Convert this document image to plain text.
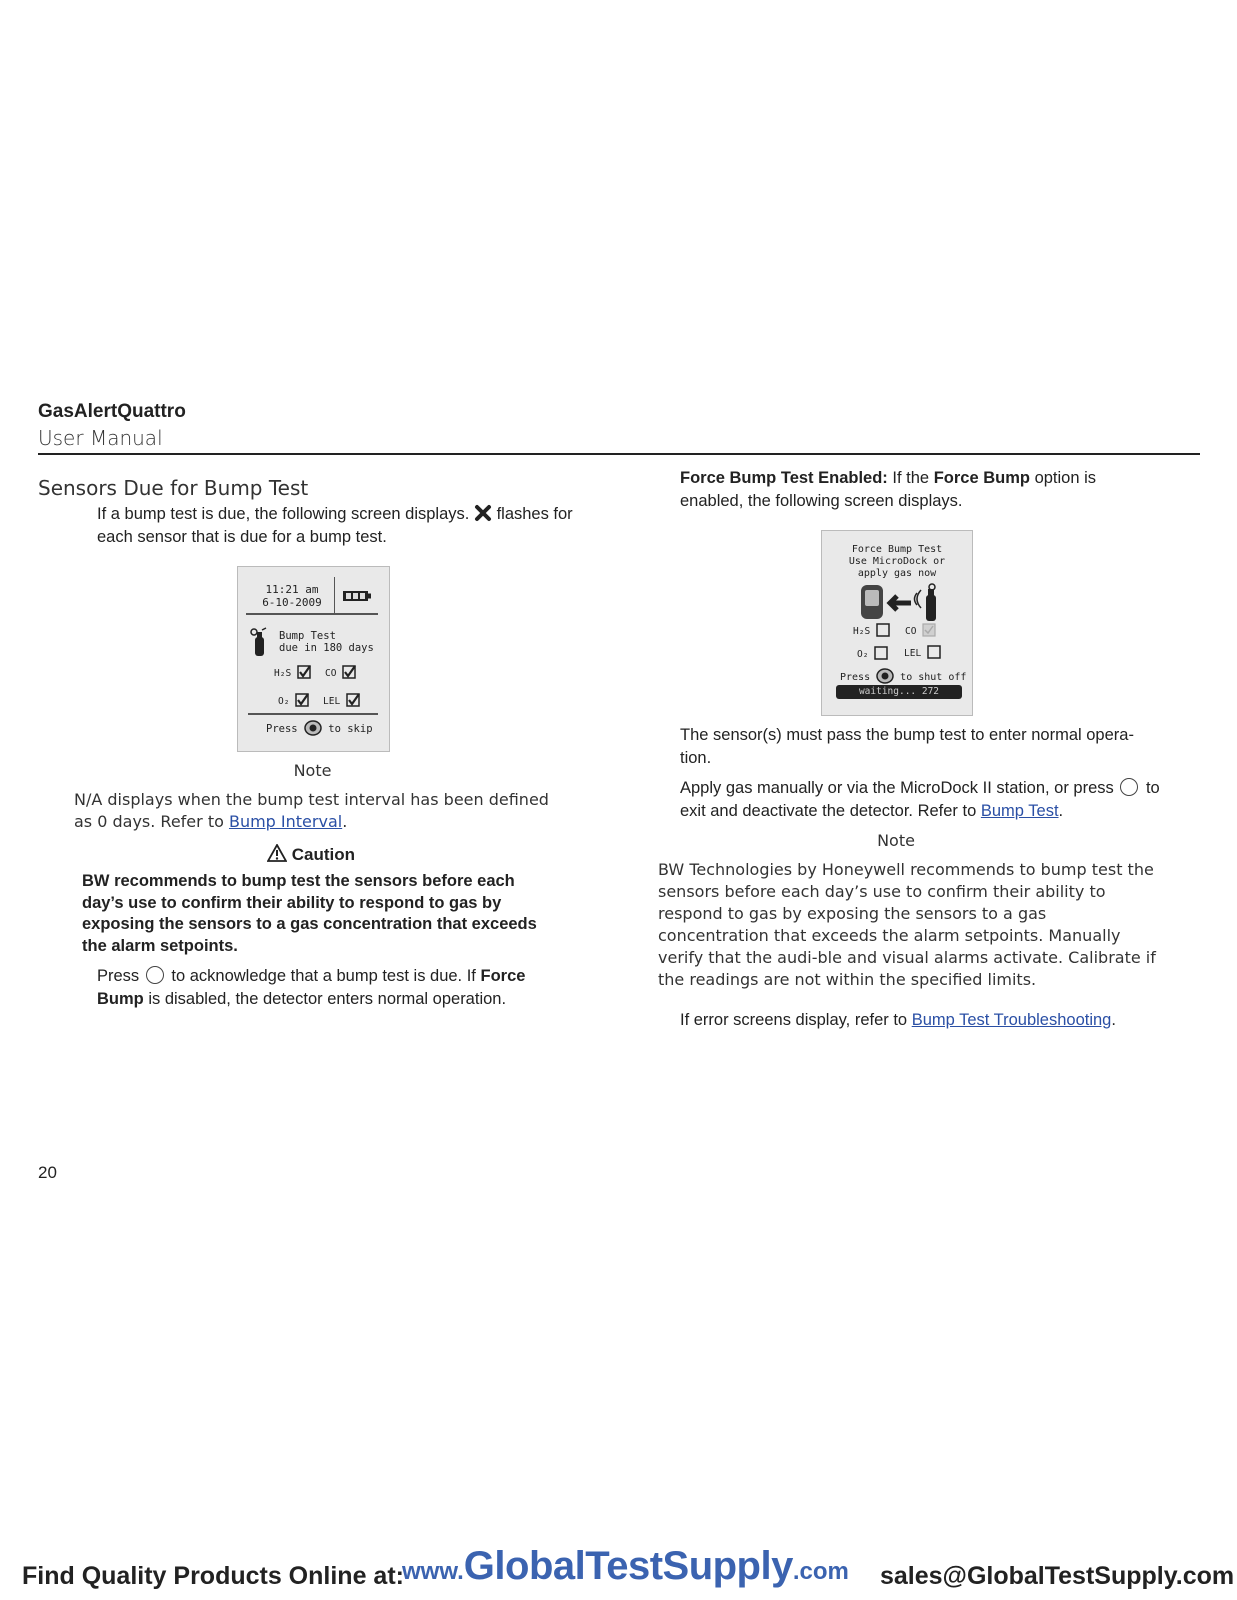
GasAlertQuattro
User Manual
Sensors Due for Bump Test
If a bump test is due, the following screen displays. flashes for each sensor that is due for a bump test.
11:21 am
6-10-2009
Bump Test
due in 180 days
H₂S	CO
O₂	LEL
Press	to skip
Note
N/A displays when the bump test interval has been defined as 0 days. Refer to Bump Interval.
Caution
BW recommends to bump test the sensors before each day’s use to confirm their ability to respond to gas by exposing the sensors to a gas concentration that exceeds the alarm setpoints.
Press to acknowledge that a bump test is due. If Force Bump is disabled, the detector enters normal operation.
Force Bump Test Enabled: If the Force Bump option is enabled, the following screen displays.
Force Bump Test
Use MicroDock or
apply gas now
H₂S	CO
O₂	LEL
Press	to shut off
waiting... 272
The sensor(s) must pass the bump test to enter normal opera-tion.
Apply gas manually or via the MicroDock II station, or press to exit and deactivate the detector. Refer to Bump Test.
Note
BW Technologies by Honeywell recommends to bump test the sensors before each day’s use to confirm their ability to respond to gas by exposing the sensors to a gas concentration that exceeds the alarm setpoints. Manually verify that the audi-ble and visual alarms activate. Calibrate if the readings are not within the specified limits.
If error screens display, refer to Bump Test Troubleshooting.
20
Find Quality Products Online at:
www.GlobalTestSupply.com sales@GlobalTestSupply.com
